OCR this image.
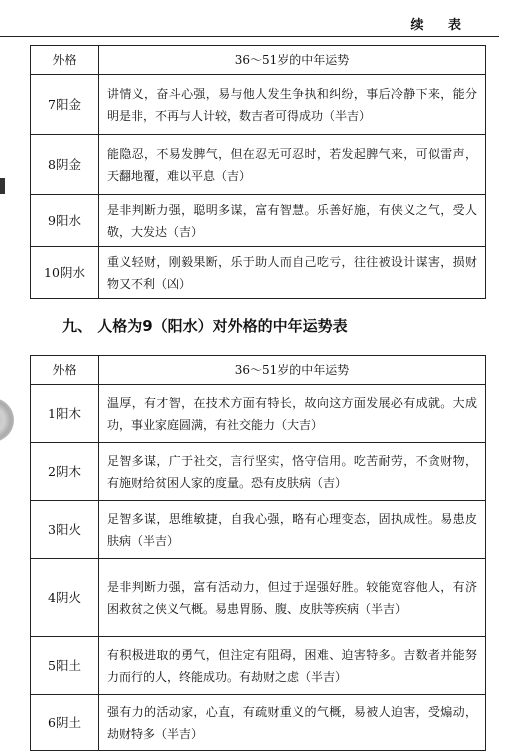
续 表
外格	36～51岁的中年运势
7阳金	讲情义，奋斗心强，易与他人发生争执和纠纷，事后冷静下来，能分明是非，不再与人计较，数吉者可得成功（半吉）
8阴金	能隐忍，不易发脾气，但在忍无可忍时，若发起脾气来，可似雷声，天翻地覆，难以平息（吉）
9阳水	是非判断力强，聪明多谋，富有智慧。乐善好施，有侠义之气，受人敬，大发达（吉）
10阴水	重义轻财，刚毅果断，乐于助人而自己吃亏，往往被设计谋害，损财物又不利（凶）
九、 人格为9（阳水）对外格的中年运势表
外格	36～51岁的中年运势
1阳木	温厚，有才智，在技术方面有特长，故向这方面发展必有成就。大成功，事业家庭圆满，有社交能力（大吉）
2阴木	足智多谋，广于社交，言行坚实，恪守信用。吃苦耐劳，不贪财物，有施财给贫困人家的度量。恐有皮肤病（吉）
3阳火	足智多谋，思维敏捷，自我心强，略有心理变态，固执成性。易患皮肤病（半吉）
4阴火	是非判断力强，富有活动力，但过于逞强好胜。较能宽容他人，有济困救贫之侠义气概。易患胃肠、腹、皮肤等疾病（半吉）
5阳土	有积极进取的勇气，但注定有阻碍，困难、迫害特多。吉数者并能努力而行的人，终能成功。有劫财之虑（半吉）
6阴土	强有力的活动家，心直，有疏财重义的气概，易被人迫害，受煽动，劫财特多（半吉）
